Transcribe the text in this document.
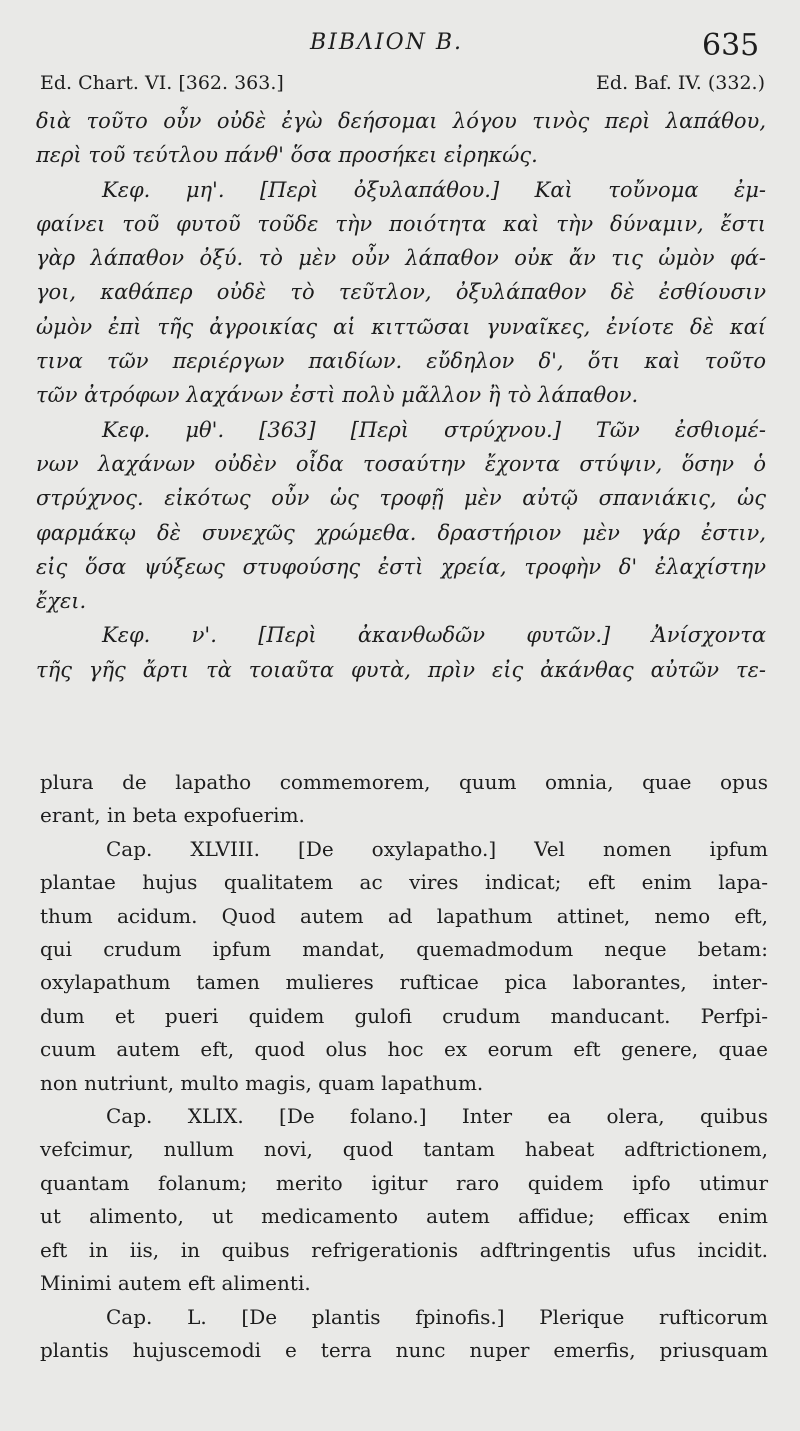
ΒΙΒΛΙΟΝ Β.	635
Ed. Chart. VI. [362. 363.]	Ed. Baf. IV. (332.)

διὰ τοῦτο οὖν οὐδὲ ἐγὼ δεήσομαι λόγου τινὸς περὶ λαπάθου,

περὶ τοῦ τεύτλου πάνθ' ὅσα προσήκει εἰρηκώς.

Κεφ. μη'. [Περὶ ὀξυλαπάθου.] Καὶ τοὔνομα ἐμ-

φαίνει τοῦ φυτοῦ τοῦδε τὴν ποιότητα καὶ τὴν δύναμιν, ἔστι

γὰρ λάπαθον ὀξύ. τὸ μὲν οὖν λάπαθον οὐκ ἄν τις ὠμὸν φά-

γοι, καθάπερ οὐδὲ τὸ τεῦτλον, ὀξυλάπαθον δὲ ἐσθίουσιν

ὠμὸν ἐπὶ τῆς ἀγροικίας αἱ κιττῶσαι γυναῖκες, ἐνίοτε δὲ καί

τινα τῶν περιέργων παιδίων. εὔδηλον δ', ὅτι καὶ τοῦτο

τῶν ἀτρόφων λαχάνων ἐστὶ πολὺ μᾶλλον ἢ τὸ λάπαθον.

Κεφ. μθ'. [363] [Περὶ στρύχνου.] Τῶν ἐσθιομέ-

νων λαχάνων οὐδὲν οἶδα τοσαύτην ἔχοντα στύψιν, ὅσην ὁ

στρύχνος. εἰκότως οὖν ὡς τροφῇ μὲν αὐτῷ σπανιάκις, ὡς

φαρμάκῳ δὲ συνεχῶς χρώμεθα. δραστήριον μὲν γάρ ἐστιν,

εἰς ὅσα ψύξεως στυφούσης ἐστὶ χρεία, τροφὴν δ' ἐλαχίστην

ἔχει.

Κεφ. ν'. [Περὶ ἀκανθωδῶν φυτῶν.] Ἀνίσχοντα

τῆς γῆς ἄρτι τὰ τοιαῦτα φυτὰ, πρὶν εἰς ἀκάνθας αὐτῶν τε-

plura de lapatho commemorem, quum omnia, quae opus

erant, in beta expofuerim.

Cap. XLVIII. [De oxylapatho.] Vel nomen ipfum

plantae hujus qualitatem ac vires indicat; eft enim lapa-

thum acidum. Quod autem ad lapathum attinet, nemo eft,

qui crudum ipfum mandat, quemadmodum neque betam:

oxylapathum tamen mulieres rufticae pica laborantes, inter-

dum et pueri quidem gulofi crudum manducant. Perfpi-

cuum autem eft, quod olus hoc ex eorum eft genere, quae

non nutriunt, multo magis, quam lapathum.

Cap. XLIX. [De folano.] Inter ea olera, quibus

vefcimur, nullum novi, quod tantam habeat adftrictionem,

quantam folanum; merito igitur raro quidem ipfo utimur

ut alimento, ut medicamento autem affidue; efficax enim

eft in iis, in quibus refrigerationis adftringentis ufus incidit.

Minimi autem eft alimenti.

Cap. L. [De plantis fpinofis.] Plerique rufticorum

plantis hujuscemodi e terra nunc nuper emerfis, priusquam
